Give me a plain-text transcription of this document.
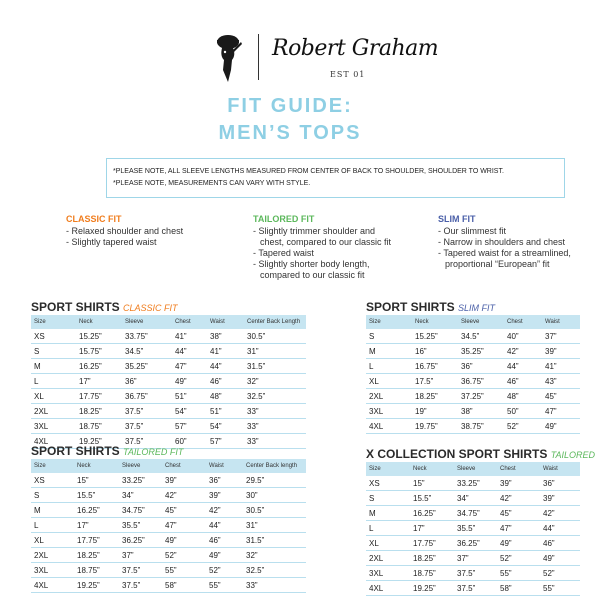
Robert Graham
EST 01
FIT GUIDE:
MEN’S TOPS
*PLEASE NOTE, ALL SLEEVE LENGTHS MEASURED FROM CENTER OF BACK TO SHOULDER, SHOULDER TO WRIST.
*PLEASE NOTE, MEASUREMENTS CAN VARY WITH STYLE.
CLASSIC FIT
- Relaxed shoulder and chest
- Slightly tapered waist
TAILORED FIT
- Slightly trimmer shoulder and
chest, compared to our classic fit
- Tapered waist
- Slightly shorter body length,
compared to our classic fit
SLIM FIT
- Our slimmest fit
- Narrow in shoulders and chest
- Tapered waist for a streamlined,
proportional “European” fit
SPORT SHIRTS CLASSIC FIT
Size	Neck	Sleeve	Chest	Waist	Center Back Length
XS	15.25”	33.75”	41”	38”	30.5”
S	15.75”	34.5”	44”	41”	31”
M	16.25”	35.25”	47”	44”	31.5”
L	17”	36”	49”	46”	32”
XL	17.75”	36.75”	51”	48”	32.5”
2XL	18.25”	37.5”	54”	51”	33”
3XL	18.75”	37.5”	57”	54”	33”
4XL	19.25”	37.5”	60”	57”	33”
SPORT SHIRTS TAILORED FIT
Size	Neck	Sleeve	Chest	Waist	Center Back length
XS	15”	33.25”	39”	36”	29.5”
S	15.5”	34”	42”	39”	30”
M	16.25”	34.75”	45”	42”	30.5”
L	17”	35.5”	47”	44”	31”
XL	17.75”	36.25”	49”	46”	31.5”
2XL	18.25”	37”	52”	49”	32”
3XL	18.75”	37.5”	55”	52”	32.5”
4XL	19.25”	37.5”	58”	55”	33”
SPORT SHIRTS SLIM FIT
Size	Neck	Sleeve	Chest	Waist
S	15.25”	34.5”	40”	37”
M	16”	35.25”	42”	39”
L	16.75”	36”	44”	41”
XL	17.5”	36.75”	46”	43”
2XL	18.25”	37.25”	48”	45”
3XL	19”	38”	50”	47”
4XL	19.75”	38.75”	52”	49”
X COLLECTION SPORT SHIRTS TAILORED
Size	Neck	Sleeve	Chest	Waist
XS	15”	33.25”	39”	36”
S	15.5”	34”	42”	39”
M	16.25”	34.75”	45”	42”
L	17”	35.5”	47”	44”
XL	17.75”	36.25”	49”	46”
2XL	18.25”	37”	52”	49”
3XL	18.75”	37.5”	55”	52”
4XL	19.25”	37.5”	58”	55”
